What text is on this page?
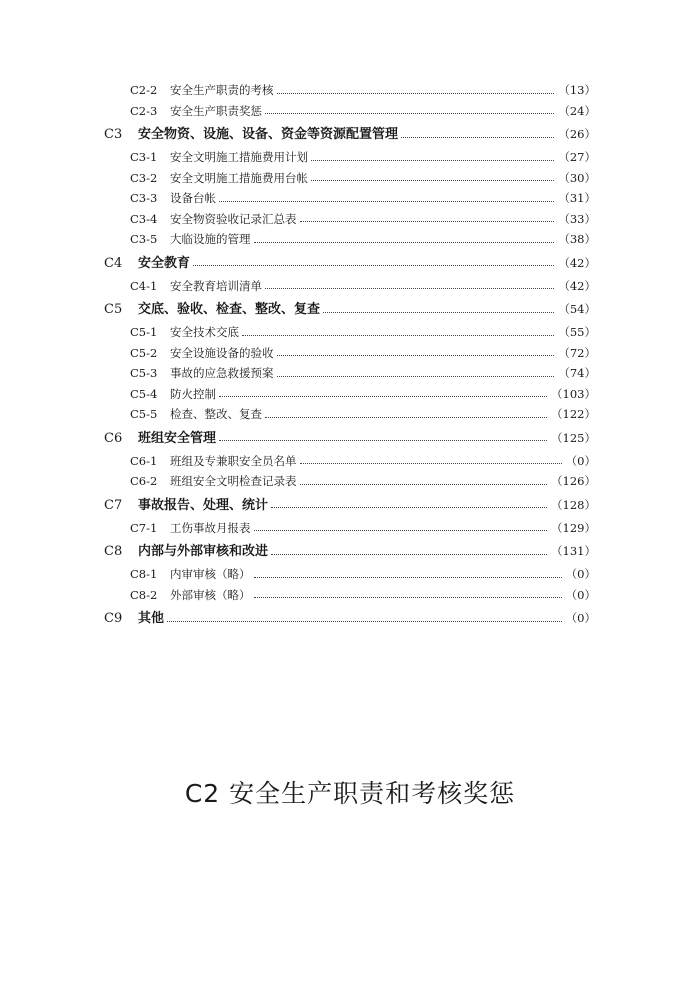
C2-2	安全生产职责的考核	（13）
C2-3	安全生产职责奖惩	（24）
C3	安全物资、设施、设备、资金等资源配置管理	（26）
C3-1	安全文明施工措施费用计划	（27）
C3-2	安全文明施工措施费用台帐	（30）
C3-3	设备台帐	（31）
C3-4	安全物资验收记录汇总表	（33）
C3-5	大临设施的管理	（38）
C4	安全教育	（42）
C4-1	安全教育培训清单	（42）
C5	交底、验收、检查、整改、复查	（54）
C5-1	安全技术交底	（55）
C5-2	安全设施设备的验收	（72）
C5-3	事故的应急救援预案	（74）
C5-4	防火控制	（103）
C5-5	检查、整改、复查	（122）
C6	班组安全管理	（125）
C6-1	班组及专兼职安全员名单	（0）
C6-2	班组安全文明检查记录表	（126）
C7	事故报告、处理、统计	（128）
C7-1	工伤事故月报表	（129）
C8	内部与外部审核和改进	（131）
C8-1	内审审核（略）	（0）
C8-2	外部审核（略）	（0）
C9	其他	（0）
C2 安全生产职责和考核奖惩
